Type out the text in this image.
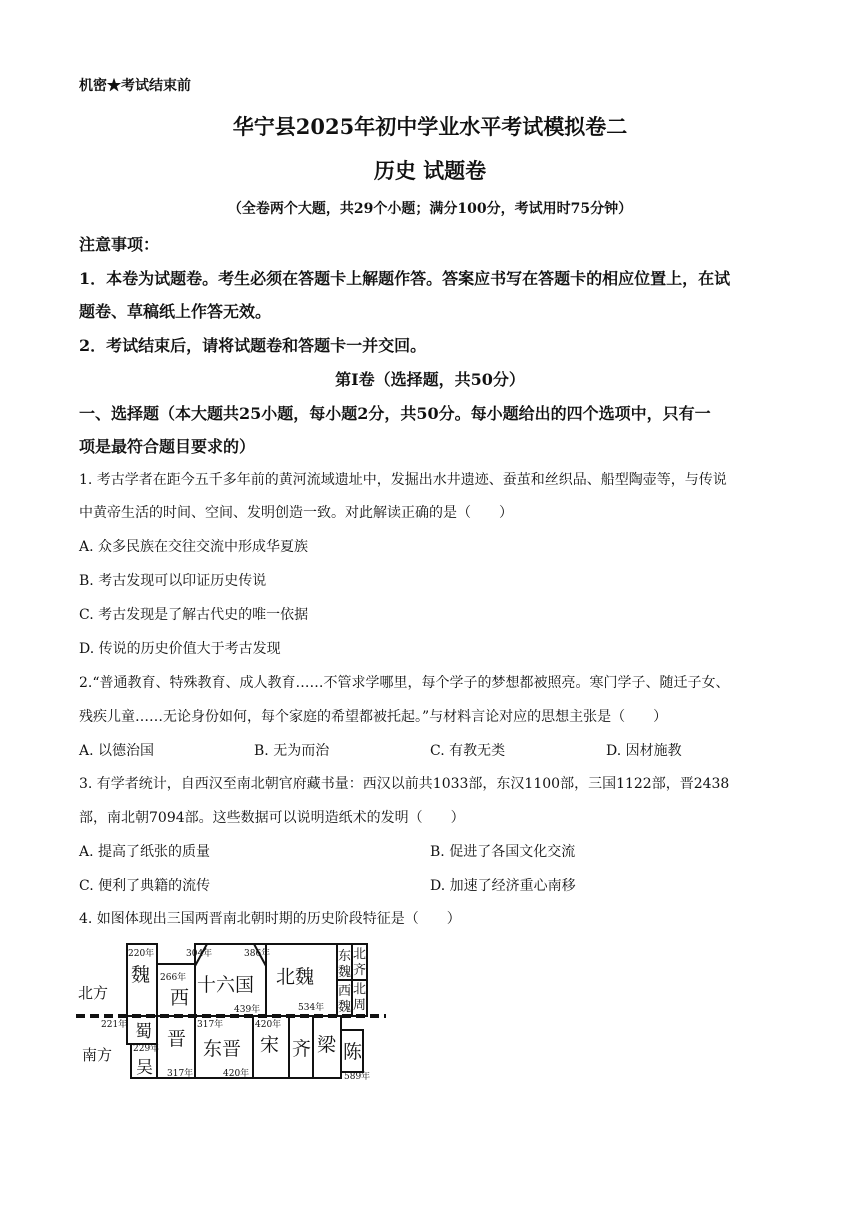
机密★考试结束前
华宁县2025年初中学业水平考试模拟卷二
历史 试题卷
（全卷两个大题，共29个小题；满分100分，考试用时75分钟）
注意事项：
1．本卷为试题卷。考生必须在答题卡上解题作答。答案应书写在答题卡的相应位置上，在试
题卷、草稿纸上作答无效。
2．考试结束后，请将试题卷和答题卡一并交回。
第Ⅰ卷（选择题，共50分）
一、选择题（本大题共25小题，每小题2分，共50分。每小题给出的四个选项中，只有一
项是最符合题目要求的）
1. 考古学者在距今五千多年前的黄河流域遗址中，发掘出水井遗迹、蚕茧和丝织品、船型陶壶等，与传说
中黄帝生活的时间、空间、发明创造一致。对此解读正确的是（　　）
A. 众多民族在交往交流中形成华夏族
B. 考古发现可以印证历史传说
C. 考古发现是了解古代史的唯一依据
D. 传说的历史价值大于考古发现
2.“普通教育、特殊教育、成人教育……不管求学哪里，每个学子的梦想都被照亮。寒门学子、随迁子女、
残疾儿童……无论身份如何，每个家庭的希望都被托起。”与材料言论对应的思想主张是（　　）
A. 以德治国	B. 无为而治	C. 有教无类	D. 因材施教
3. 有学者统计，自西汉至南北朝官府藏书量：西汉以前共1033部，东汉1100部，三国1122部，晋2438
部，南北朝7094部。这些数据可以说明造纸术的发明（　　）
A. 提高了纸张的质量	B. 促进了各国文化交流
C. 便利了典籍的流传	D. 加速了经济重心南移
4. 如图体现出三国两晋南北朝时期的历史阶段特征是（　　）
北方
南方
魏
西
十六国 北魏
东
魏
西
魏
北
齐
北
周
蜀
吴
晋 东晋 宋 齐 梁 陈
220年
266年
304年	386年
439年	534年
221年
229年
317年
317年
420年
420年	589年
